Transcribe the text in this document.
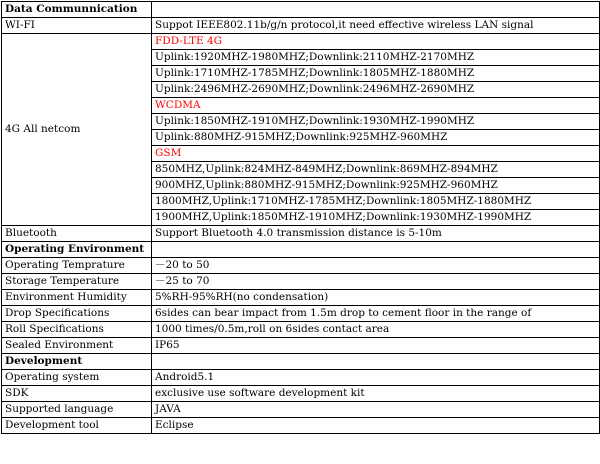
Data Communnication	
WI-FI	Suppot IEEE802.11b/g/n protocol,it need effective wireless LAN signal
4G All netcom	FDD-LTE 4G
	Uplink:1920MHZ-1980MHZ;Downlink:2110MHZ-2170MHZ
	Uplink:1710MHZ-1785MHZ;Downlink:1805MHZ-1880MHZ
	Uplink:2496MHZ-2690MHZ;Downlink:2496MHZ-2690MHZ
	WCDMA
	Uplink:1850MHZ-1910MHZ;Downlink:1930MHZ-1990MHZ
	Uplink:880MHZ-915MHZ;Downlink:925MHZ-960MHZ
	GSM
	850MHZ,Uplink:824MHZ-849MHZ;Downlink:869MHZ-894MHZ
	900MHZ,Uplink:880MHZ-915MHZ;Downlink:925MHZ-960MHZ
	1800MHZ,Uplink:1710MHZ-1785MHZ;Downlink:1805MHZ-1880MHZ
	1900MHZ,Uplink:1850MHZ-1910MHZ;Downlink:1930MHZ-1990MHZ
Bluetooth	Support Bluetooth 4.0 transmission distance is 5-10m
Operating Environment	
Operating Temprature	－20 to 50
Storage Temperature	－25 to 70
Environment Humidity	5%RH-95%RH(no condensation)
Drop Specifications	6sides can bear impact from 1.5m drop to cement floor in the range of
Roll Specifications	1000 times/0.5m,roll on 6sides contact area
Sealed Environment	IP65
Development	
Operating system	Android5.1
SDK	exclusive use software development kit
Supported language	JAVA
Development tool	Eclipse
